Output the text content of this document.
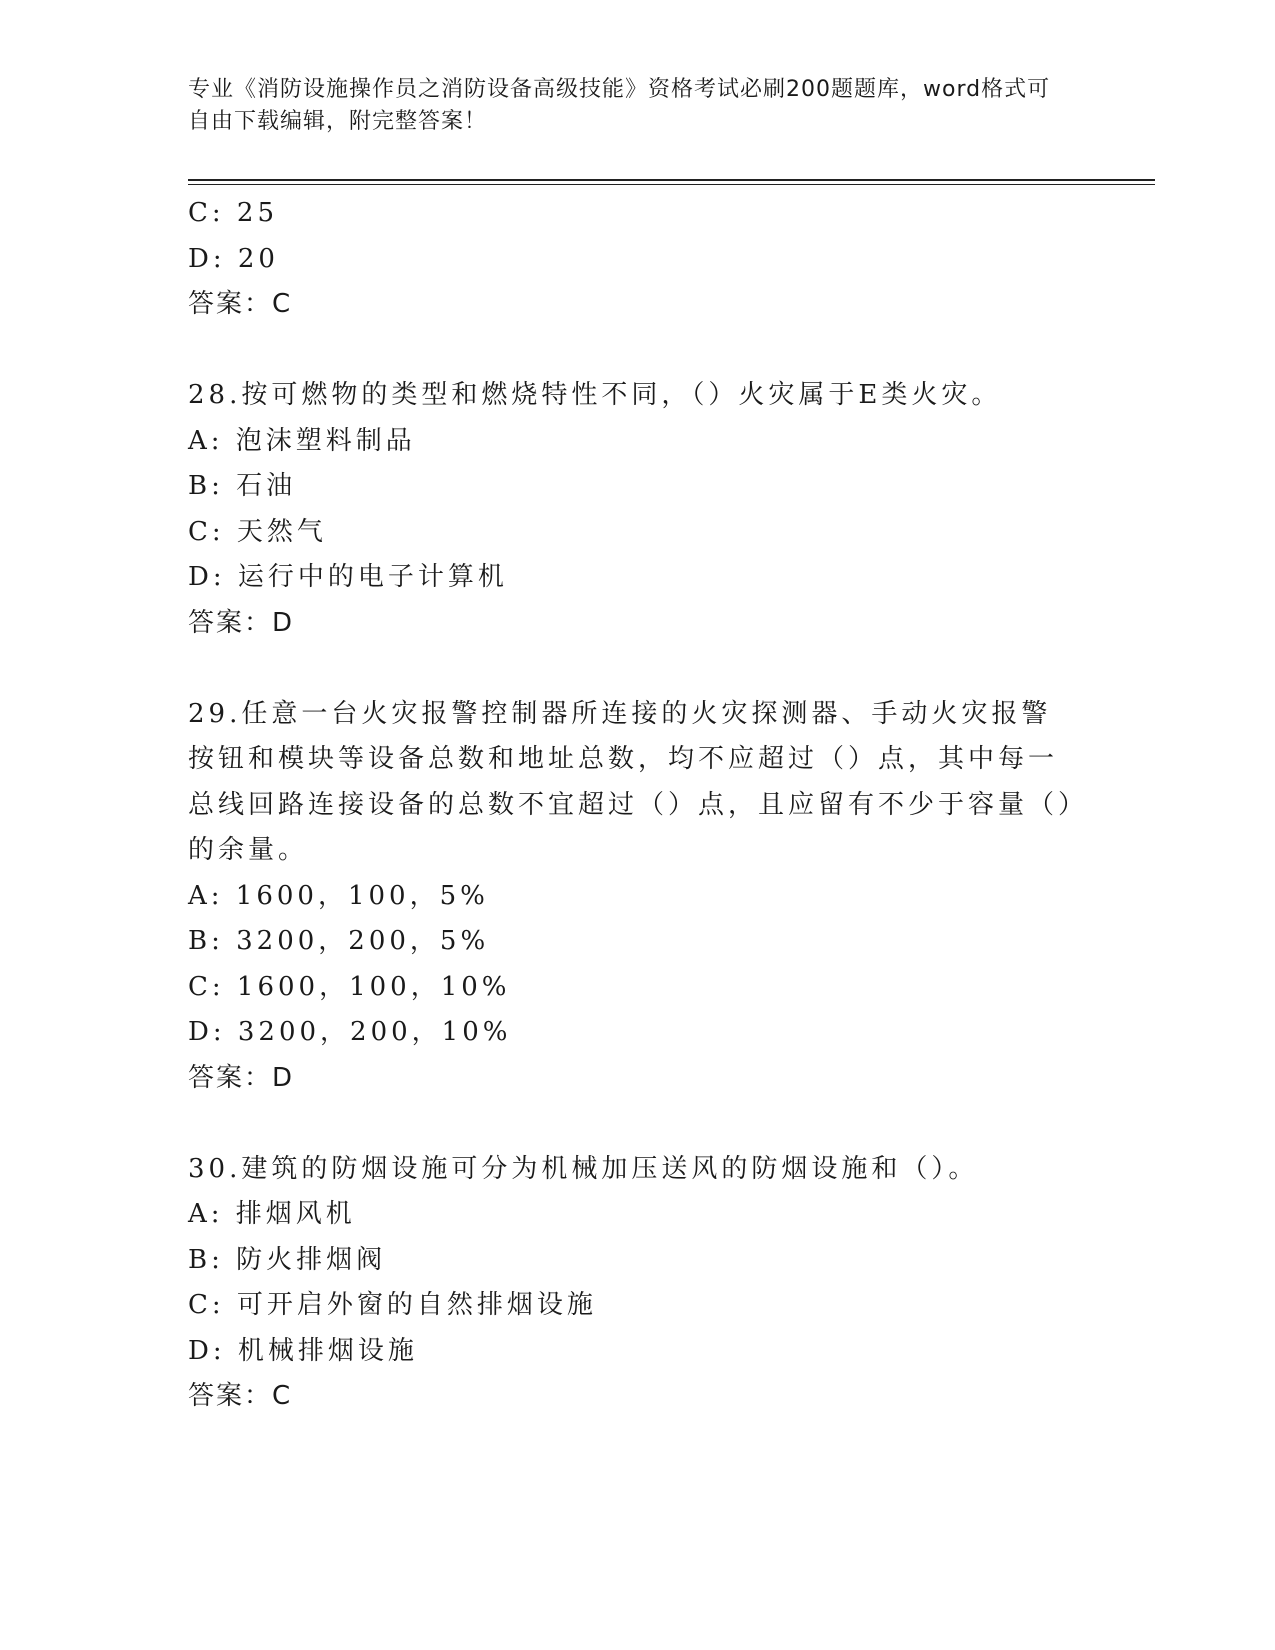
专业《消防设施操作员之消防设备高级技能》资格考试必刷200题题库，word格式可自由下载编辑，附完整答案！
C: 25
D: 20
答案：C
28.按可燃物的类型和燃烧特性不同，（）火灾属于E类火灾。
A: 泡沫塑料制品
B: 石油
C: 天然气
D: 运行中的电子计算机
答案：D
29.任意一台火灾报警控制器所连接的火灾探测器、手动火灾报警按钮和模块等设备总数和地址总数，均不应超过（）点，其中每一总线回路连接设备的总数不宜超过（）点，且应留有不少于容量（）的余量。
A: 1600，100，5%
B: 3200，200，5%
C: 1600，100，10%
D: 3200，200，10%
答案：D
30.建筑的防烟设施可分为机械加压送风的防烟设施和（）。
A: 排烟风机
B: 防火排烟阀
C: 可开启外窗的自然排烟设施
D: 机械排烟设施
答案：C
